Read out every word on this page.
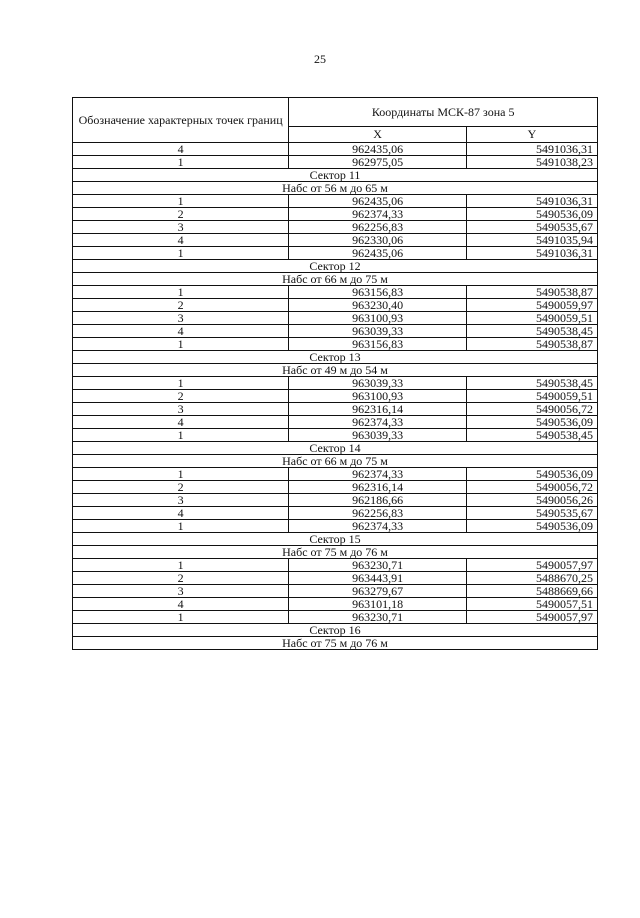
25
Обозначение характерных точек границ	Координаты МСК-87 зона 5	
	X	Y
4	962435,06	5491036,31
1	962975,05	5491038,23
Сектор 11		
Набс от 56 м до 65 м		
1	962435,06	5491036,31
2	962374,33	5490536,09
3	962256,83	5490535,67
4	962330,06	5491035,94
1	962435,06	5491036,31
Сектор 12		
Набс от 66 м до 75 м		
1	963156,83	5490538,87
2	963230,40	5490059,97
3	963100,93	5490059,51
4	963039,33	5490538,45
1	963156,83	5490538,87
Сектор 13		
Набс от 49 м до 54 м		
1	963039,33	5490538,45
2	963100,93	5490059,51
3	962316,14	5490056,72
4	962374,33	5490536,09
1	963039,33	5490538,45
Сектор 14		
Набс от 66 м до 75 м		
1	962374,33	5490536,09
2	962316,14	5490056,72
3	962186,66	5490056,26
4	962256,83	5490535,67
1	962374,33	5490536,09
Сектор 15		
Набс от 75 м до 76 м		
1	963230,71	5490057,97
2	963443,91	5488670,25
3	963279,67	5488669,66
4	963101,18	5490057,51
1	963230,71	5490057,97
Сектор 16		
Набс от 75 м до 76 м		
